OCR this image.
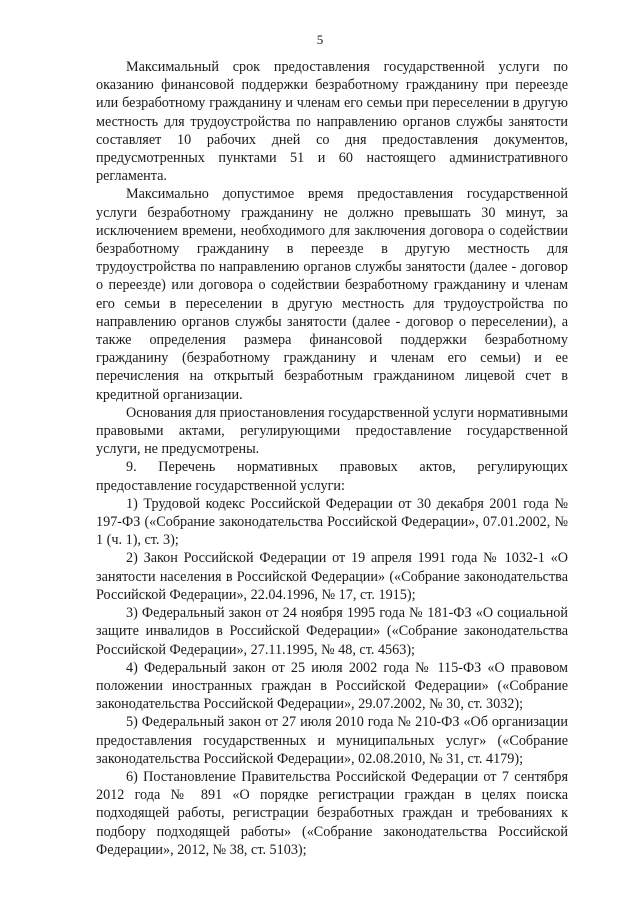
5

Максимальный срок предоставления государственной услуги по оказанию финансовой поддержки безработному гражданину при переезде или безработному гражданину и членам его семьи при переселении в другую местность для трудоустройства по направлению органов службы занятости составляет 10 рабочих дней со дня предоставления документов, предусмотренных пунктами 51 и 60 настоящего административного регламента.

Максимально допустимое время предоставления государственной услуги безработному гражданину не должно превышать 30 минут, за исключением времени, необходимого для заключения договора о содействии безработному гражданину в переезде в другую местность для трудоустройства по направлению органов службы занятости (далее - договор о переезде) или договора о содействии безработному гражданину и членам его семьи в переселении в другую местность для трудоустройства по направлению органов службы занятости (далее - договор о переселении), а также определения размера финансовой поддержки безработному гражданину (безработному гражданину и членам его семьи) и ее перечисления на открытый безработным гражданином лицевой счет в кредитной организации.

Основания для приостановления государственной услуги нормативными правовыми актами, регулирующими предоставление государственной услуги, не предусмотрены.

9. Перечень нормативных правовых актов, регулирующих предоставление государственной услуги:

1) Трудовой кодекс Российской Федерации от 30 декабря 2001 года № 197-ФЗ («Собрание законодательства Российской Федерации», 07.01.2002, № 1 (ч. 1), ст. 3);

2) Закон Российской Федерации от 19 апреля 1991 года № 1032-1 «О занятости населения в Российской Федерации» («Собрание законодательства Российской Федерации», 22.04.1996, № 17, ст. 1915);

3) Федеральный закон от 24 ноября 1995 года № 181-ФЗ «О социальной защите инвалидов в Российской Федерации» («Собрание законодательства Российской Федерации», 27.11.1995, № 48, ст. 4563);

4) Федеральный закон от 25 июля 2002 года № 115-ФЗ «О правовом положении иностранных граждан в Российской Федерации» («Собрание законодательства Российской Федерации», 29.07.2002, № 30, ст. 3032);

5) Федеральный закон от 27 июля 2010 года № 210-ФЗ «Об организации предоставления государственных и муниципальных услуг» («Собрание законодательства Российской Федерации», 02.08.2010, № 31, ст. 4179);

6) Постановление Правительства Российской Федерации от 7 сентября 2012 года № 891 «О порядке регистрации граждан в целях поиска подходящей работы, регистрации безработных граждан и требованиях к подбору подходящей работы» («Собрание законодательства Российской Федерации», 2012, № 38, ст. 5103);
